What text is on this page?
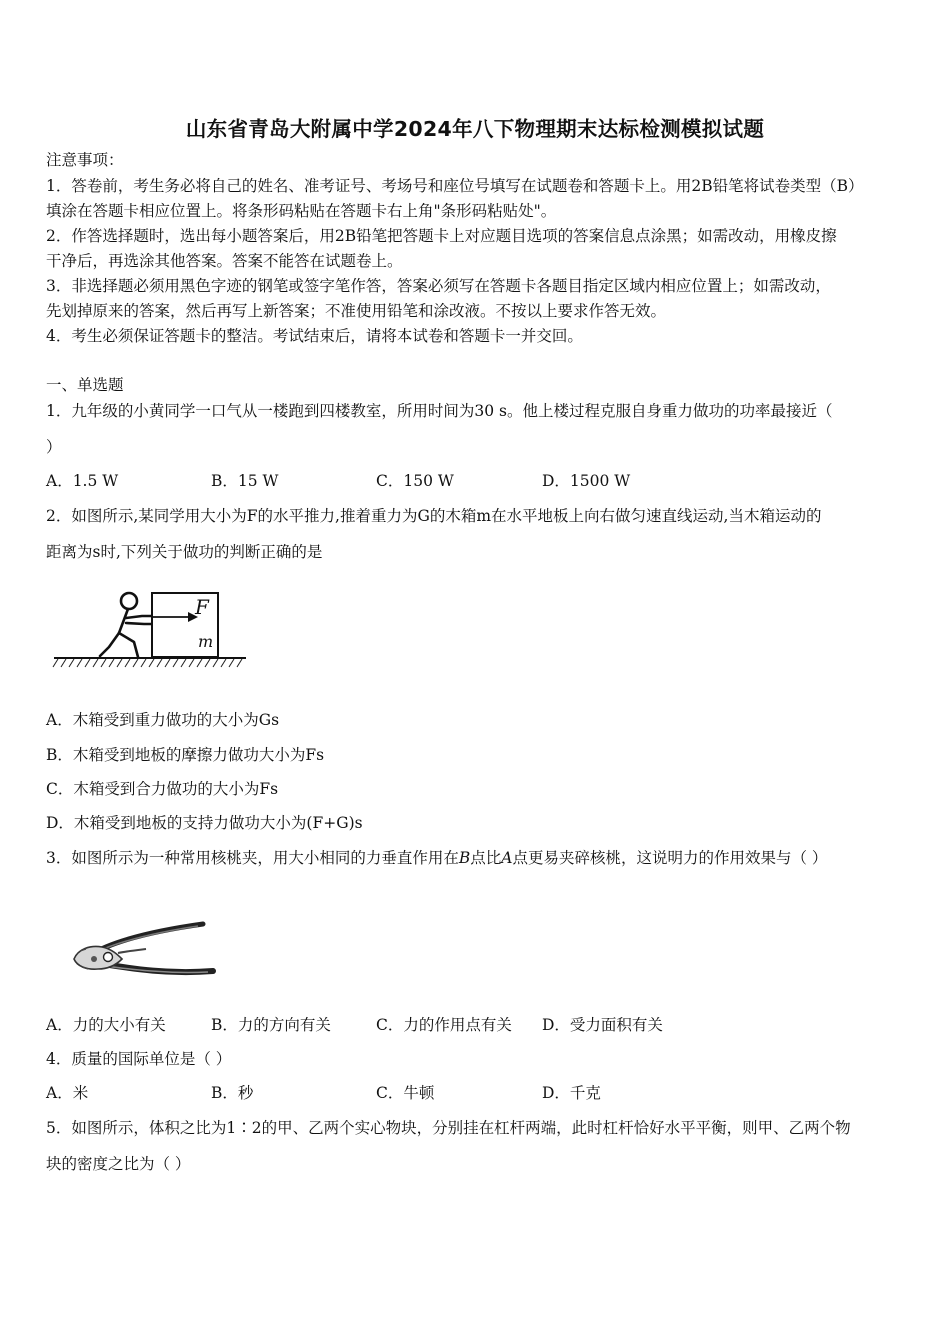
山东省青岛大附属中学2024年八下物理期末达标检测模拟试题
注意事项：
1．答卷前，考生务必将自己的姓名、准考证号、考场号和座位号填写在试题卷和答题卡上。用2B铅笔将试卷类型（B）
填涂在答题卡相应位置上。将条形码粘贴在答题卡右上角"条形码粘贴处"。
2．作答选择题时，选出每小题答案后，用2B铅笔把答题卡上对应题目选项的答案信息点涂黑；如需改动，用橡皮擦
干净后，再选涂其他答案。答案不能答在试题卷上。
3．非选择题必须用黑色字迹的钢笔或签字笔作答，答案必须写在答题卡各题目指定区域内相应位置上；如需改动，
先划掉原来的答案，然后再写上新答案；不准使用铅笔和涂改液。不按以上要求作答无效。
4．考生必须保证答题卡的整洁。考试结束后，请将本试卷和答题卡一并交回。
一、单选题
1．九年级的小黄同学一口气从一楼跑到四楼教室，所用时间为30 s。他上楼过程克服自身重力做功的功率最接近（
）
A．1.5 W	B．15 W	C．150 W	D．1500 W
2．如图所示,某同学用大小为F的水平推力,推着重力为G的木箱m在水平地板上向右做匀速直线运动,当木箱运动的
距离为s时,下列关于做功的判断正确的是
F
m
A．木箱受到重力做功的大小为Gs
B．木箱受到地板的摩擦力做功大小为Fs
C．木箱受到合力做功的大小为Fs
D．木箱受到地板的支持力做功大小为(F+G)s
3．如图所示为一种常用核桃夹，用大小相同的力垂直作用在B点比A点更易夹碎核桃，这说明力的作用效果与（ ）
A．力的大小有关	B．力的方向有关	C．力的作用点有关 D．受力面积有关
4．质量的国际单位是（ ）
A．米	B．秒	C．牛顿	D．千克
5．如图所示，体积之比为1∶2的甲、乙两个实心物块，分别挂在杠杆两端，此时杠杆恰好水平平衡，则甲、乙两个物
块的密度之比为（ ）
